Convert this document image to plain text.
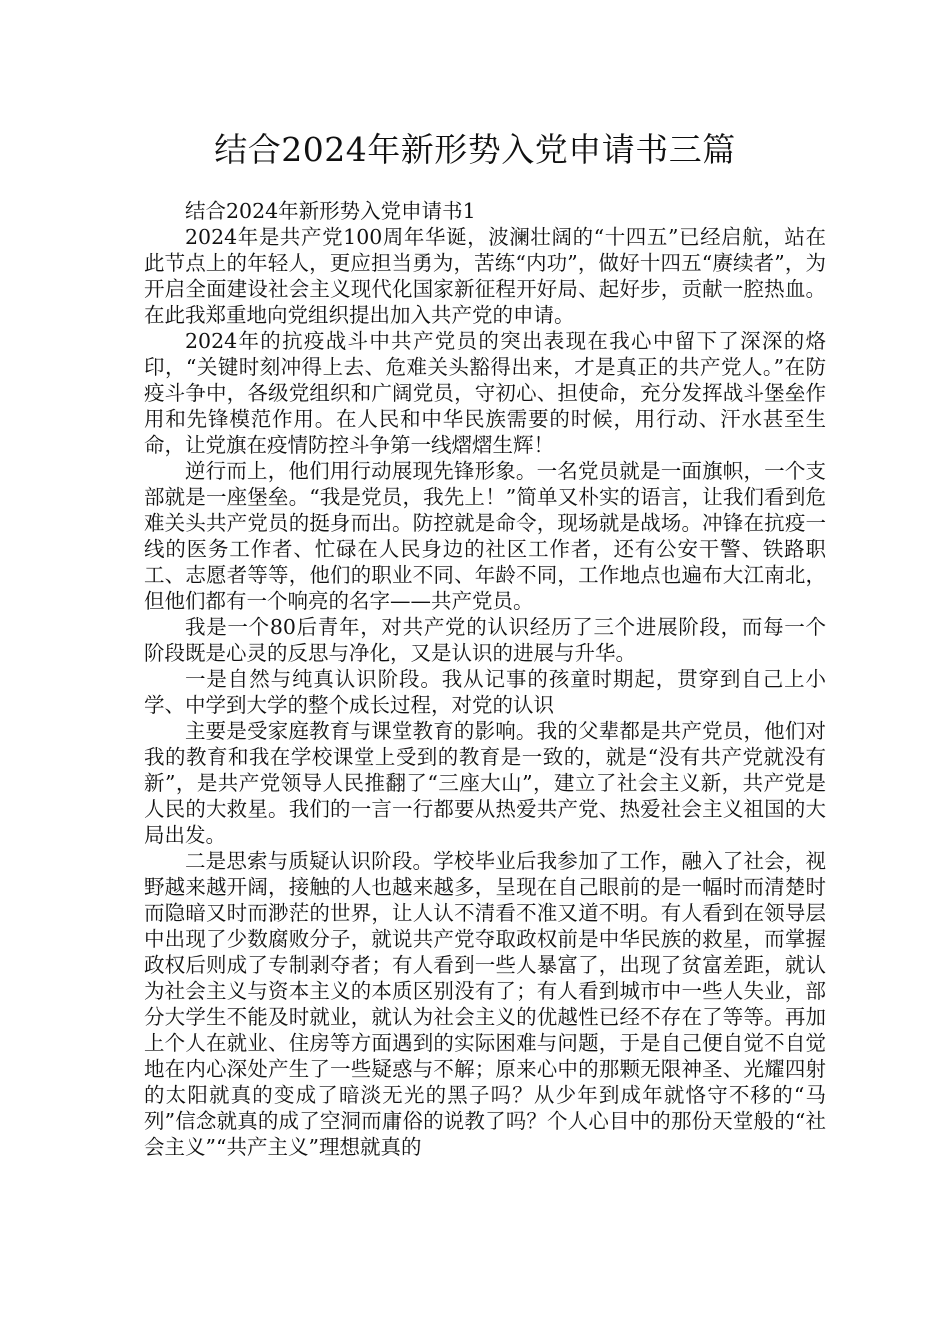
结合2024年新形势入党申请书三篇

结合2024年新形势入党申请书1

2024年是共产党100周年华诞，波澜壮阔的“十四五”已经启航，站在此节点上的年轻人，更应担当勇为，苦练“内功”，做好十四五“赓续者”，为开启全面建设社会主义现代化国家新征程开好局、起好步，贡献一腔热血。在此我郑重地向党组织提出加入共产党的申请。

2024年的抗疫战斗中共产党员的突出表现在我心中留下了深深的烙印，“关键时刻冲得上去、危难关头豁得出来，才是真正的共产党人。”在防疫斗争中，各级党组织和广阔党员，守初心、担使命，充分发挥战斗堡垒作用和先锋模范作用。在人民和中华民族需要的时候，用行动、汗水甚至生命，让党旗在疫情防控斗争第一线熠熠生辉！

逆行而上，他们用行动展现先锋形象。一名党员就是一面旗帜，一个支部就是一座堡垒。“我是党员，我先上！”简单又朴实的语言，让我们看到危难关头共产党员的挺身而出。防控就是命令，现场就是战场。冲锋在抗疫一线的医务工作者、忙碌在人民身边的社区工作者，还有公安干警、铁路职工、志愿者等等，他们的职业不同、年龄不同，工作地点也遍布大江南北，但他们都有一个响亮的名字——共产党员。

我是一个80后青年，对共产党的认识经历了三个进展阶段，而每一个阶段既是心灵的反思与净化，又是认识的进展与升华。

一是自然与纯真认识阶段。我从记事的孩童时期起，贯穿到自己上小学、中学到大学的整个成长过程，对党的认识

主要是受家庭教育与课堂教育的影响。我的父辈都是共产党员，他们对我的教育和我在学校课堂上受到的教育是一致的，就是“没有共产党就没有新”，是共产党领导人民推翻了“三座大山”，建立了社会主义新，共产党是人民的大救星。我们的一言一行都要从热爱共产党、热爱社会主义祖国的大局出发。

二是思索与质疑认识阶段。学校毕业后我参加了工作，融入了社会，视野越来越开阔，接触的人也越来越多，呈现在自己眼前的是一幅时而清楚时而隐暗又时而渺茫的世界，让人认不清看不准又道不明。有人看到在领导层中出现了少数腐败分子，就说共产党夺取政权前是中华民族的救星，而掌握政权后则成了专制剥夺者；有人看到一些人暴富了，出现了贫富差距，就认为社会主义与资本主义的本质区别没有了；有人看到城市中一些人失业，部分大学生不能及时就业，就认为社会主义的优越性已经不存在了等等。再加上个人在就业、住房等方面遇到的实际困难与问题，于是自己便自觉不自觉地在内心深处产生了一些疑惑与不解；原来心中的那颗无限神圣、光耀四射的太阳就真的变成了暗淡无光的黑子吗？从少年到成年就恪守不移的“马列”信念就真的成了空洞而庸俗的说教了吗？个人心目中的那份天堂般的“社会主义”“共产主义”理想就真的
